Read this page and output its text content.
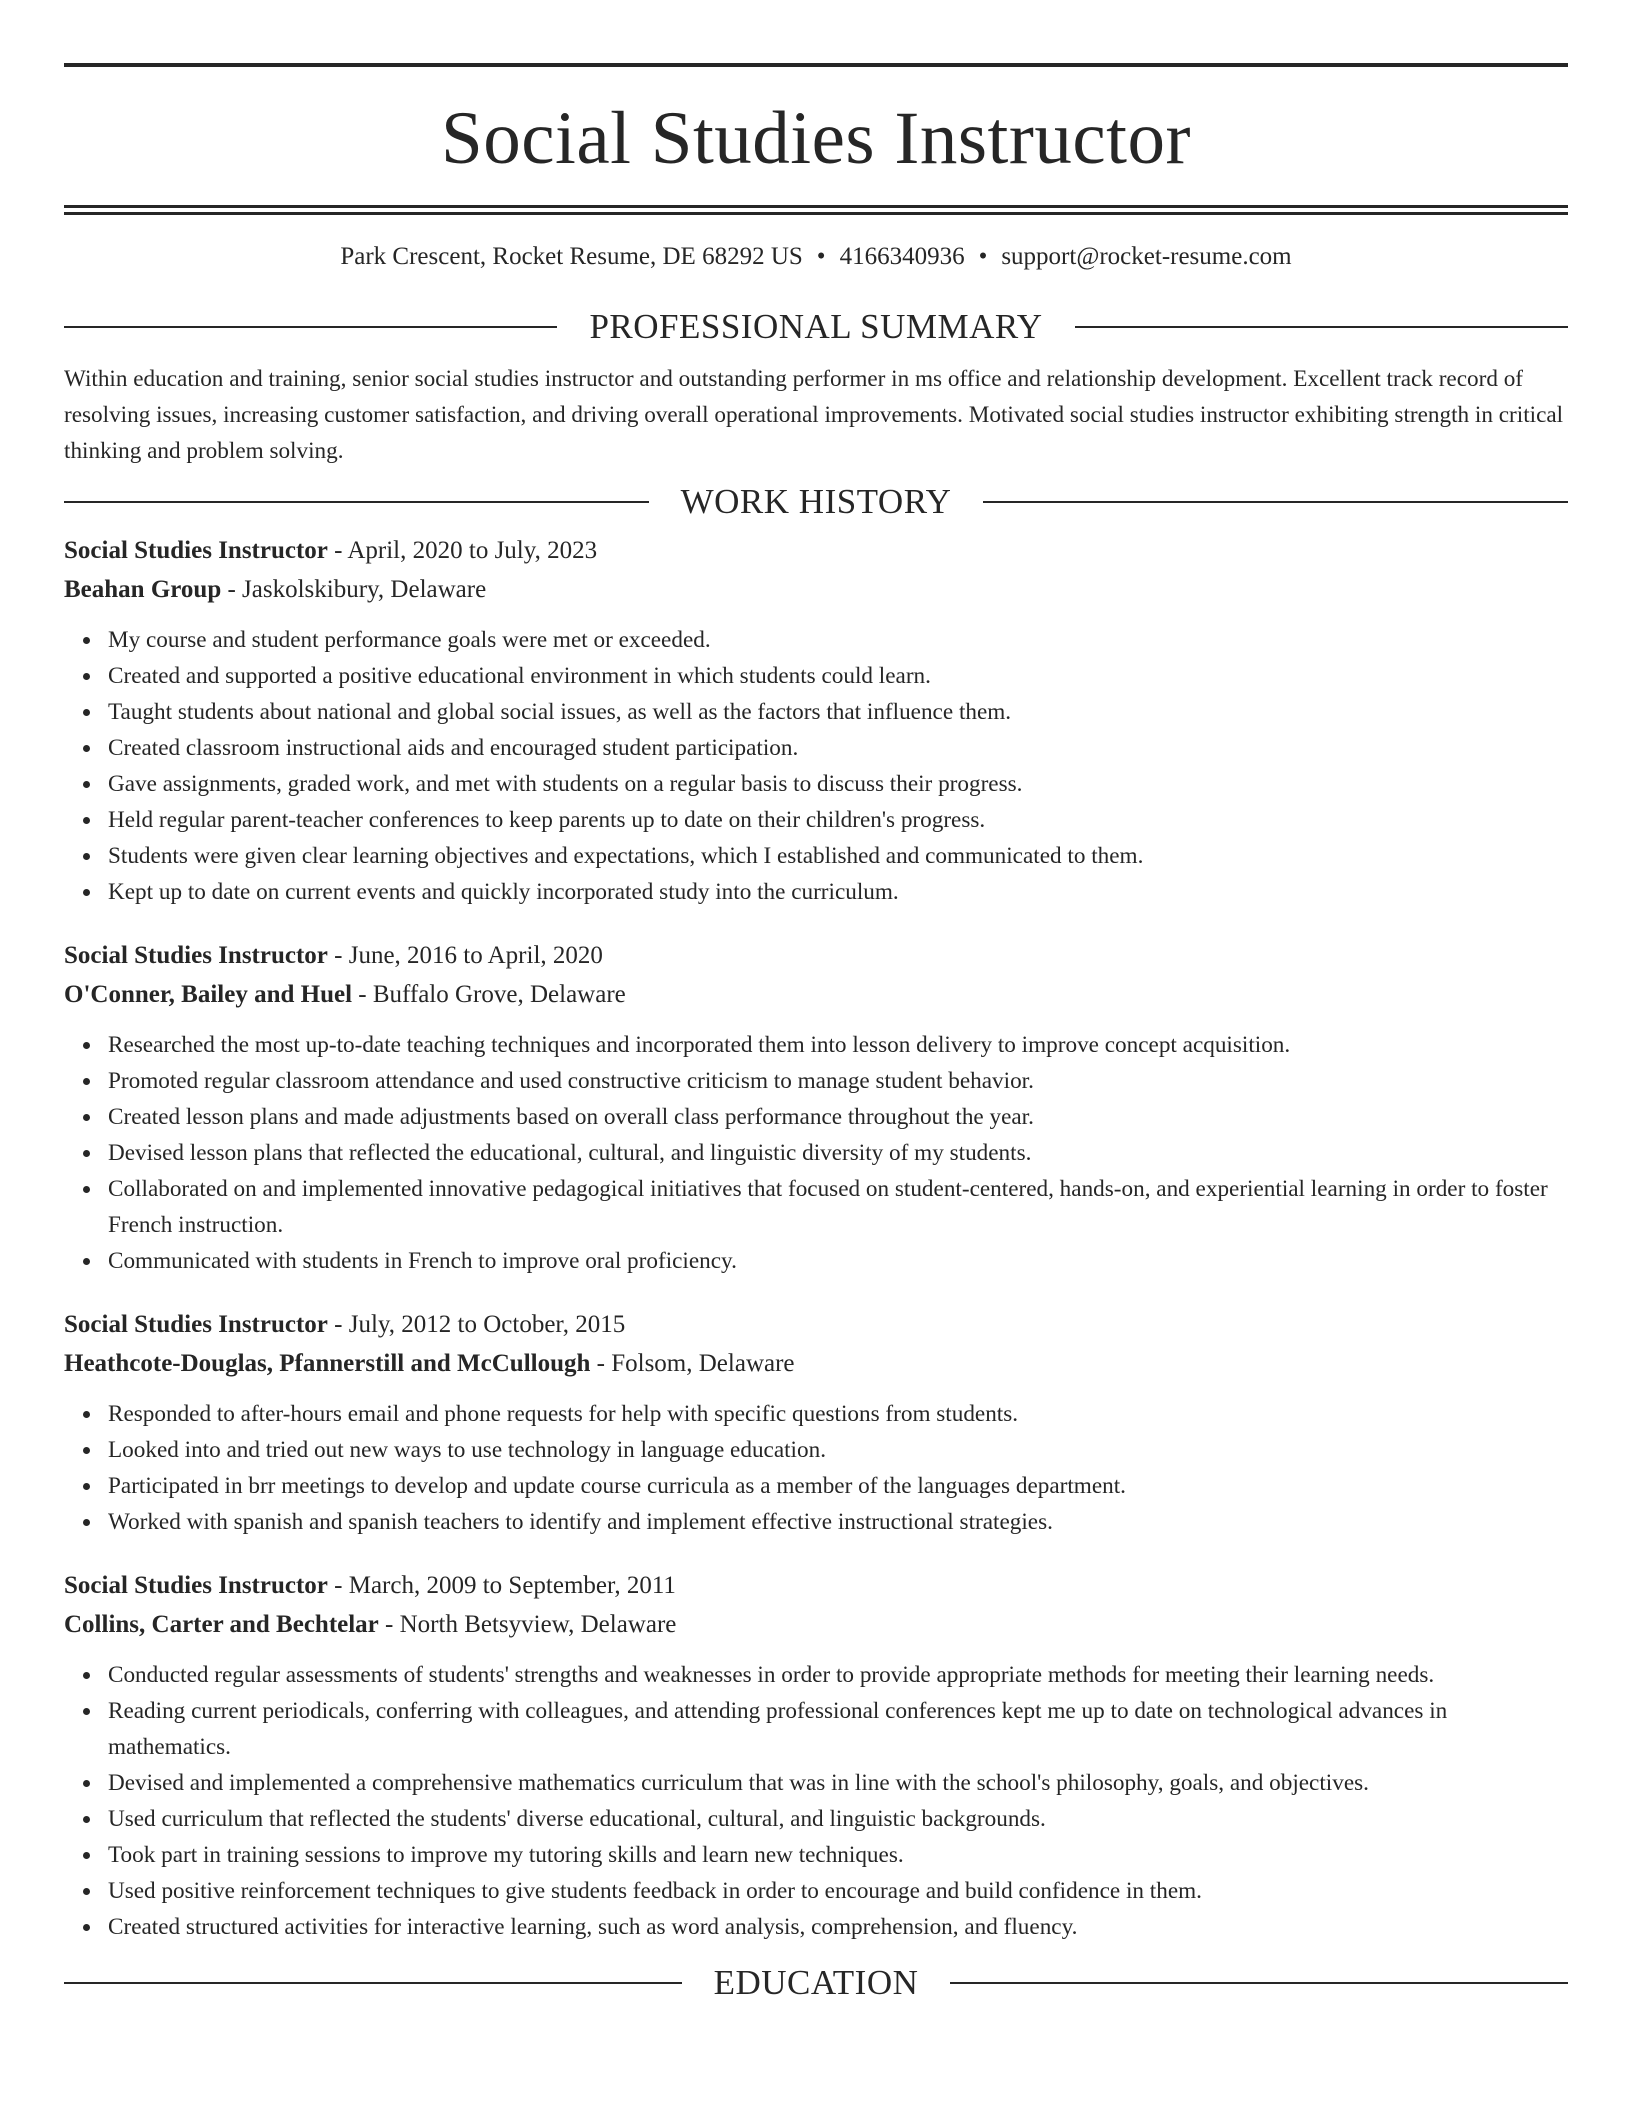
Social Studies Instructor
Park Crescent, Rocket Resume, DE 68292 US • 4166340936 • support@rocket-resume.com
PROFESSIONAL SUMMARY

Within education and training, senior social studies instructor and outstanding performer in ms office and relationship development. Excellent track record of resolving issues, increasing customer satisfaction, and driving overall operational improvements. Motivated social studies instructor exhibiting strength in critical thinking and problem solving.

WORK HISTORY
Social Studies Instructor - April, 2020 to July, 2023
Beahan Group - Jaskolskibury, Delaware
My course and student performance goals were met or exceeded.
Created and supported a positive educational environment in which students could learn.
Taught students about national and global social issues, as well as the factors that influence them.
Created classroom instructional aids and encouraged student participation.
Gave assignments, graded work, and met with students on a regular basis to discuss their progress.
Held regular parent-teacher conferences to keep parents up to date on their children's progress.
Students were given clear learning objectives and expectations, which I established and communicated to them.
Kept up to date on current events and quickly incorporated study into the curriculum.
Social Studies Instructor - June, 2016 to April, 2020
O'Conner, Bailey and Huel - Buffalo Grove, Delaware
Researched the most up-to-date teaching techniques and incorporated them into lesson delivery to improve concept acquisition.
Promoted regular classroom attendance and used constructive criticism to manage student behavior.
Created lesson plans and made adjustments based on overall class performance throughout the year.
Devised lesson plans that reflected the educational, cultural, and linguistic diversity of my students.
Collaborated on and implemented innovative pedagogical initiatives that focused on student-centered, hands-on, and experiential learning in order to foster French instruction.
Communicated with students in French to improve oral proficiency.
Social Studies Instructor - July, 2012 to October, 2015
Heathcote-Douglas, Pfannerstill and McCullough - Folsom, Delaware
Responded to after-hours email and phone requests for help with specific questions from students.
Looked into and tried out new ways to use technology in language education.
Participated in brr meetings to develop and update course curricula as a member of the languages department.
Worked with spanish and spanish teachers to identify and implement effective instructional strategies.
Social Studies Instructor - March, 2009 to September, 2011
Collins, Carter and Bechtelar - North Betsyview, Delaware
Conducted regular assessments of students' strengths and weaknesses in order to provide appropriate methods for meeting their learning needs.
Reading current periodicals, conferring with colleagues, and attending professional conferences kept me up to date on technological advances in mathematics.
Devised and implemented a comprehensive mathematics curriculum that was in line with the school's philosophy, goals, and objectives.
Used curriculum that reflected the students' diverse educational, cultural, and linguistic backgrounds.
Took part in training sessions to improve my tutoring skills and learn new techniques.
Used positive reinforcement techniques to give students feedback in order to encourage and build confidence in them.
Created structured activities for interactive learning, such as word analysis, comprehension, and fluency.
EDUCATION
